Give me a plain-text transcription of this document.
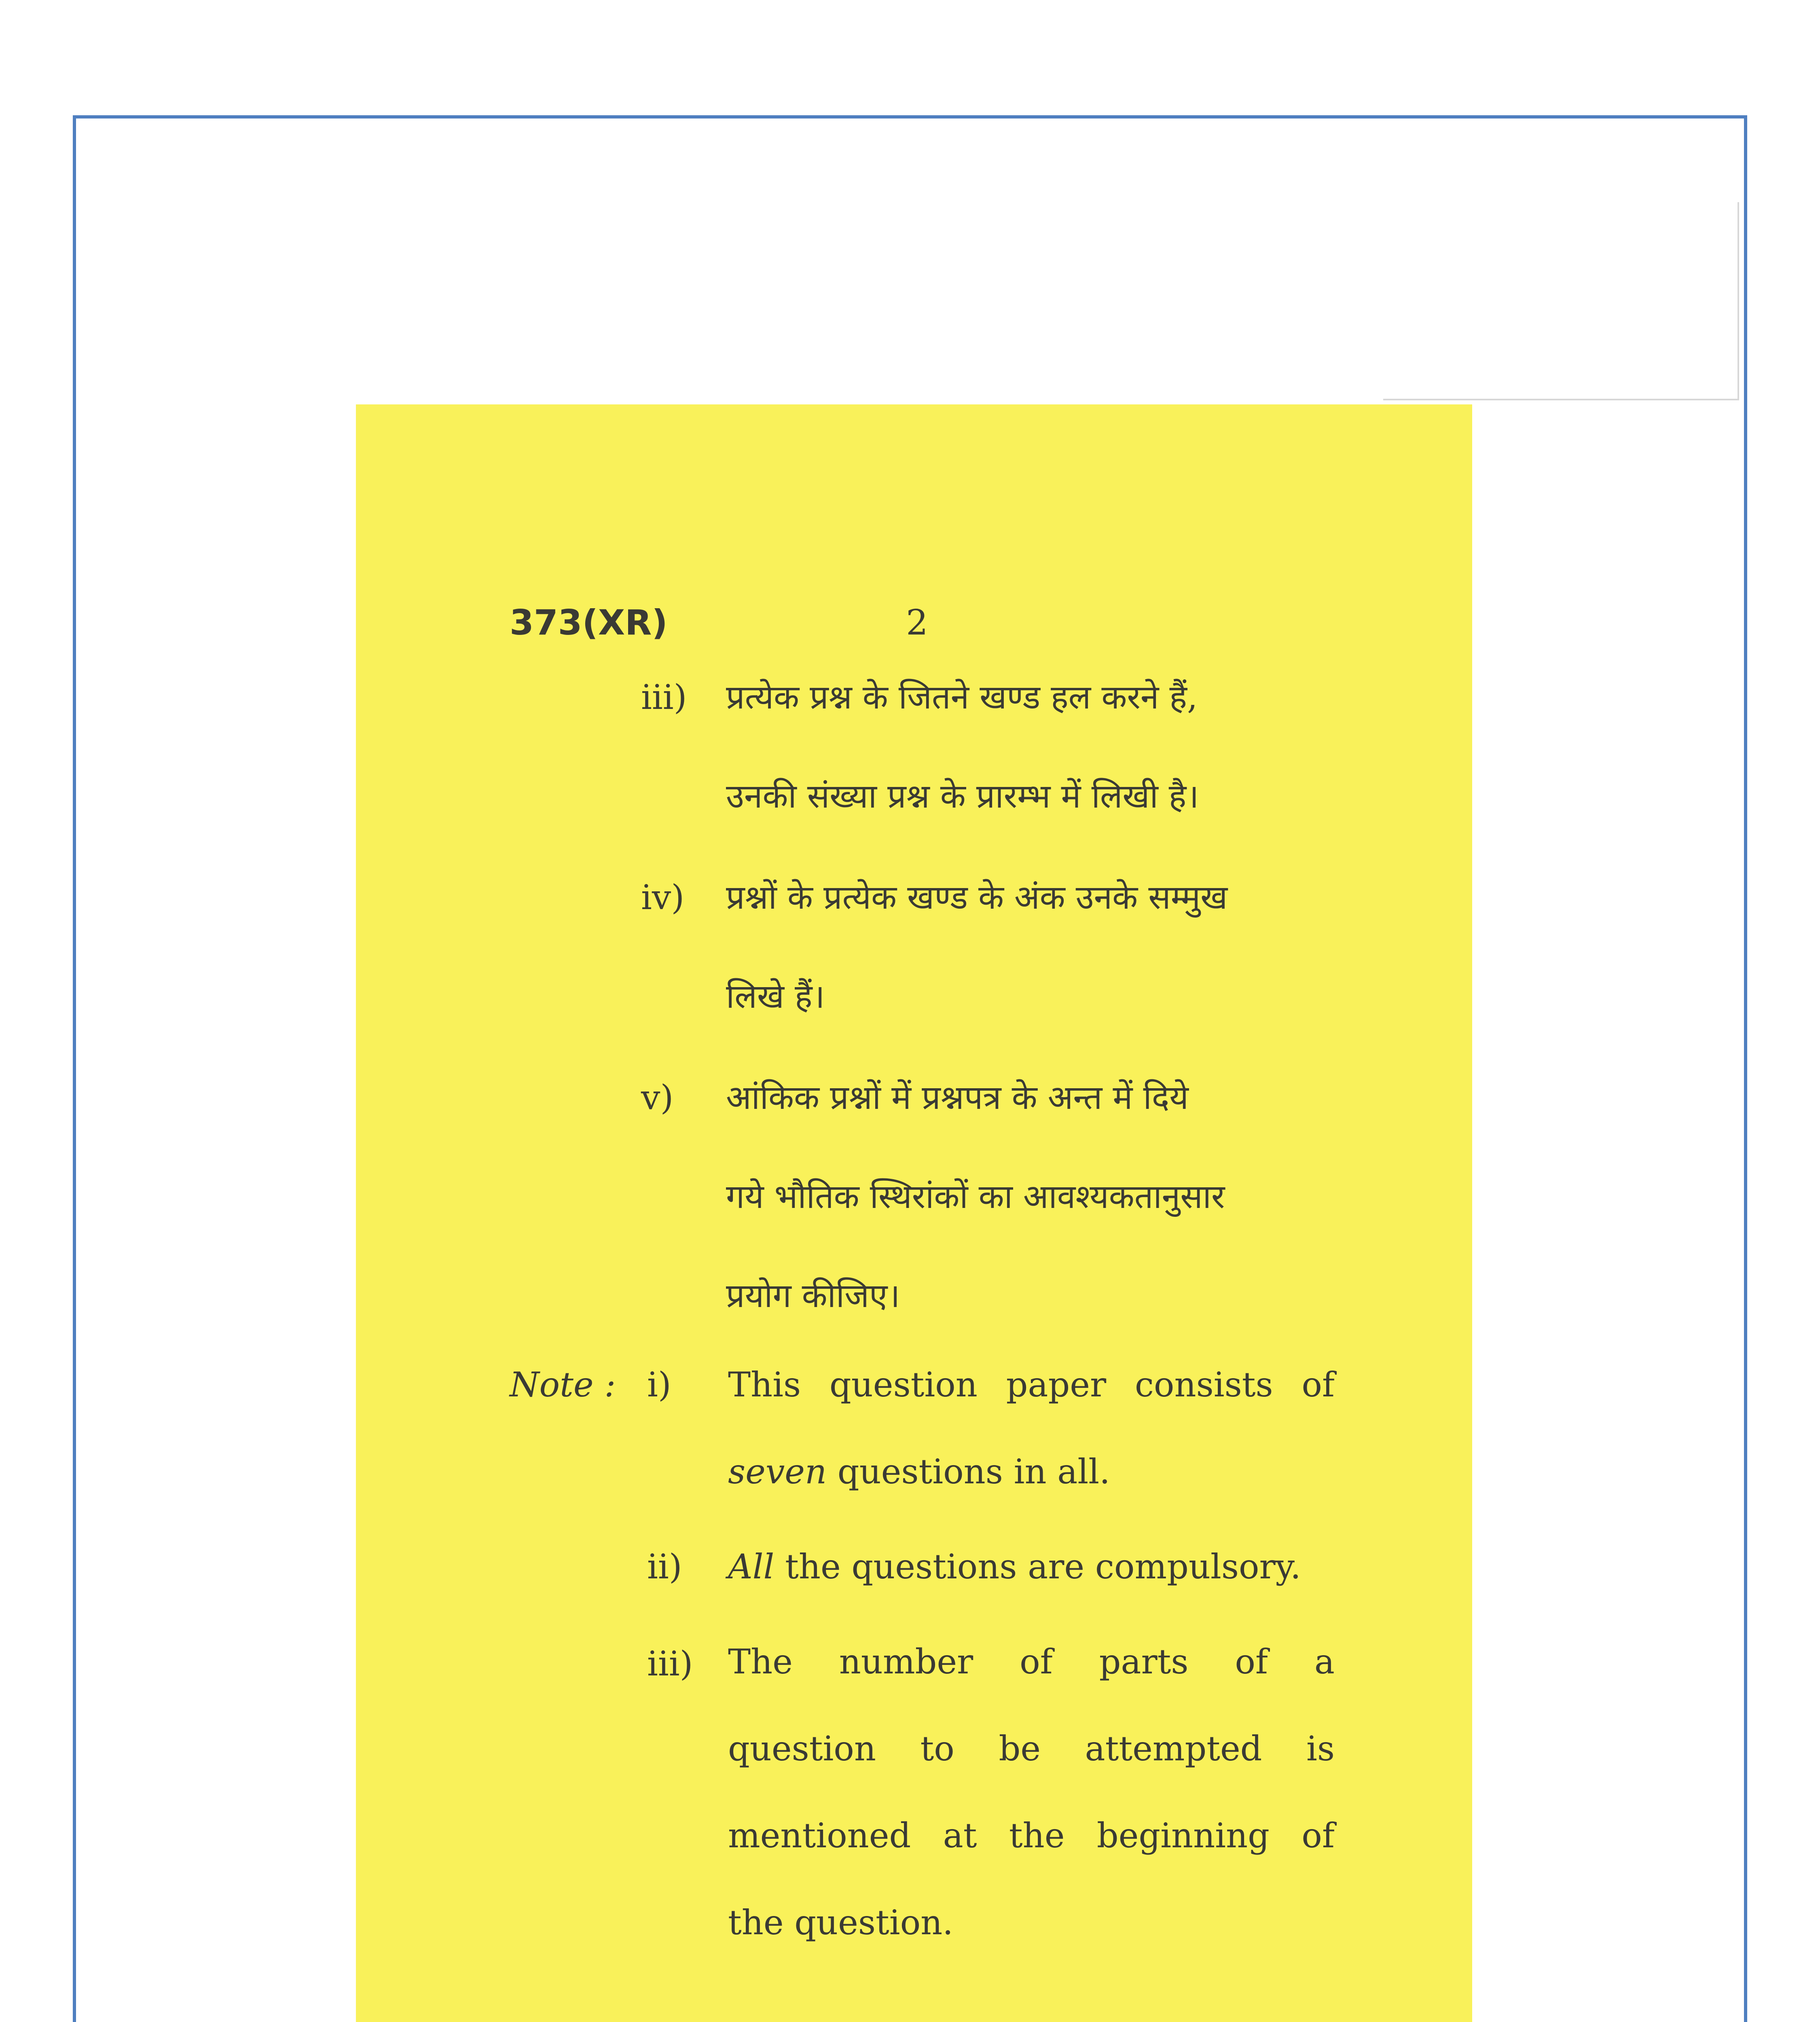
373(XR)	2
iii) प्रत्येक प्रश्न के जितने खण्ड हल करने हैं,
उनकी संख्या प्रश्न के प्रारम्भ में लिखी है।
iv) प्रश्नों के प्रत्येक खण्ड के अंक उनके सम्मुख
लिखे हैं।
v) आंकिक प्रश्नों में प्रश्नपत्र के अन्त में दिये
गये भौतिक स्थिरांकों का आवश्यकतानुसार
प्रयोग कीजिए।
Note : i) This question paper consists of
seven questions in all.
ii) All the questions are compulsory.
iii) The number of parts of a
question to be attempted is
mentioned at the beginning of
the question.
